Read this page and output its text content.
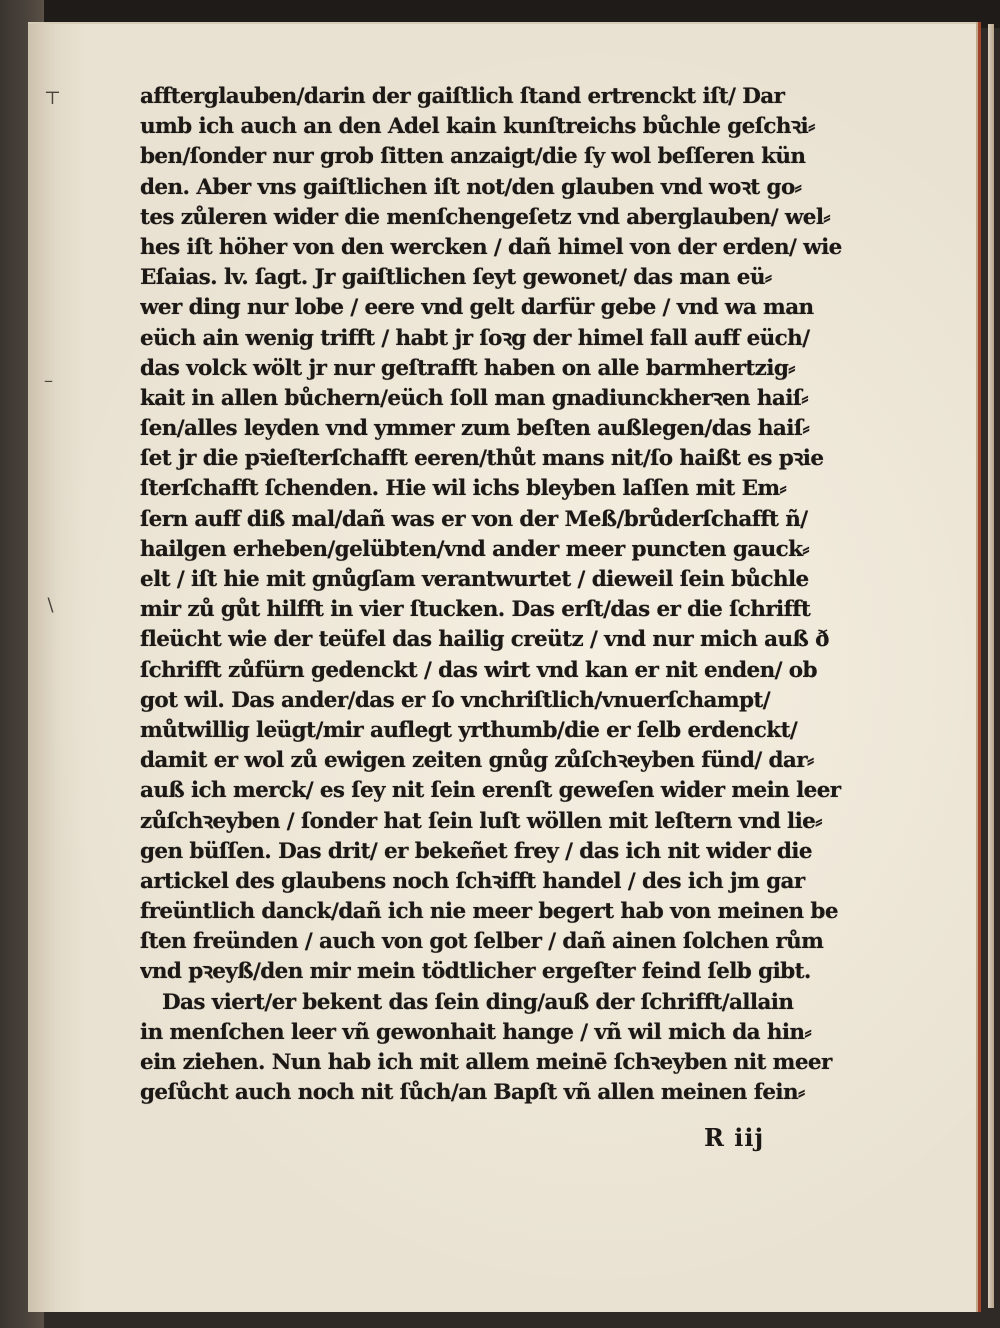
⊤
–
∖
affterglauben/darin der gaiſtlich ſtand ertrenckt iſt/ Dar
umb ich auch an den Adel kain kunſtreichs bůchle geſchꝛi⸗
ben/ſonder nur grob ſitten anzaigt/die ſy wol beſſeren kün
den. Aber vns gaiſtlichen iſt not/den glauben vnd woꝛt go⸗
tes zůleren wider die menſchengeſetz vnd aberglauben/ wel⸗
hes iſt höher von den wercken / dañ himel von der erden/ wie
Eſaias. lv. ſagt. Jr gaiſtlichen ſeyt gewonet/ das man eü⸗
wer ding nur lobe / eere vnd gelt darfür gebe / vnd wa man
eüch ain wenig trifft / habt jr ſoꝛg der himel fall auff eüch/
das volck wölt jr nur geſtrafft haben on alle barmhertzig⸗
kait in allen bůchern/eüch ſoll man gnadiunckherꝛen haiſ⸗
ſen/alles leyden vnd ymmer zum beſten außlegen/das haiſ⸗
ſet jr die pꝛieſterſchafft eeren/thůt mans nit/ſo haißt es pꝛie
ſterſchafft ſchenden. Hie wil ichs bleyben laſſen mit Em⸗
ſern auff diß mal/dañ was er von der Meß/brůderſchafft ñ/
hailgen erheben/gelübten/vnd ander meer puncten gauck⸗
elt / iſt hie mit gnůgſam verantwurtet / dieweil ſein bůchle
mir zů gůt hilfft in vier ſtucken. Das erſt/das er die ſchrifft
fleücht wie der teüfel das hailig creütz / vnd nur mich auß ð
ſchrifft zůfürn gedenckt / das wirt vnd kan er nit enden/ ob
got wil. Das ander/das er ſo vnchriſtlich/vnuerſchampt/
můtwillig leügt/mir auflegt yrthumb/die er ſelb erdenckt/
damit er wol zů ewigen zeiten gnůg zůſchꝛeyben fünd/ dar⸗
auß ich merck/ es ſey nit ſein erenſt geweſen wider mein leer
zůſchꝛeyben / ſonder hat ſein luſt wöllen mit leſtern vnd lie⸗
gen büſſen. Das drit/ er bekeñet frey / das ich nit wider die
artickel des glaubens noch ſchꝛifft handel / des ich jm gar
freüntlich danck/dañ ich nie meer begert hab von meinen be
ſten freünden / auch von got ſelber / dañ ainen ſolchen rům
vnd pꝛeyß/den mir mein tödtlicher ergeſter feind ſelb gibt.
Das viert/er bekent das ſein ding/auß der ſchrifft/allain
in menſchen leer vñ gewonhait hange / vñ wil mich da hin⸗
ein ziehen. Nun hab ich mit allem meinē ſchꝛeyben nit meer
geſůcht auch noch nit ſůch/an Bapſt vñ allen meinen fein⸗
R iij
